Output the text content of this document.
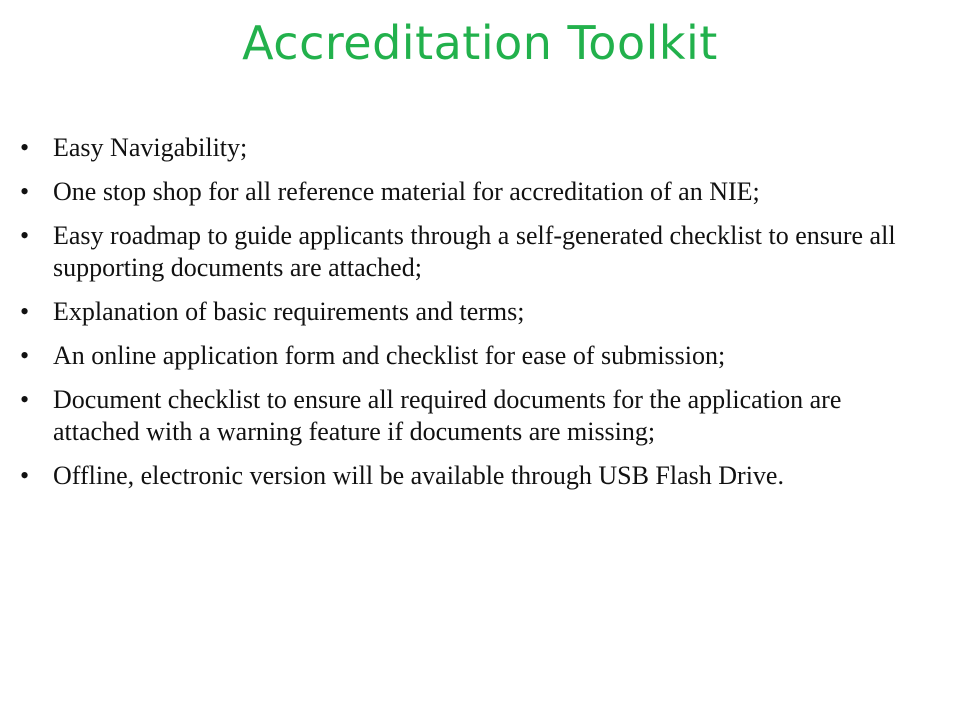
Accreditation Toolkit
• Easy Navigability;
• One stop shop for all reference material for accreditation of an NIE;
• Easy roadmap to guide applicants through a self-generated checklist to ensure all supporting documents are attached;
• Explanation of basic requirements and terms;
• An online application form and checklist for ease of submission;
• Document checklist to ensure all required documents for the application are attached with a warning feature if documents are missing;
• Offline, electronic version will be available through USB Flash Drive.
